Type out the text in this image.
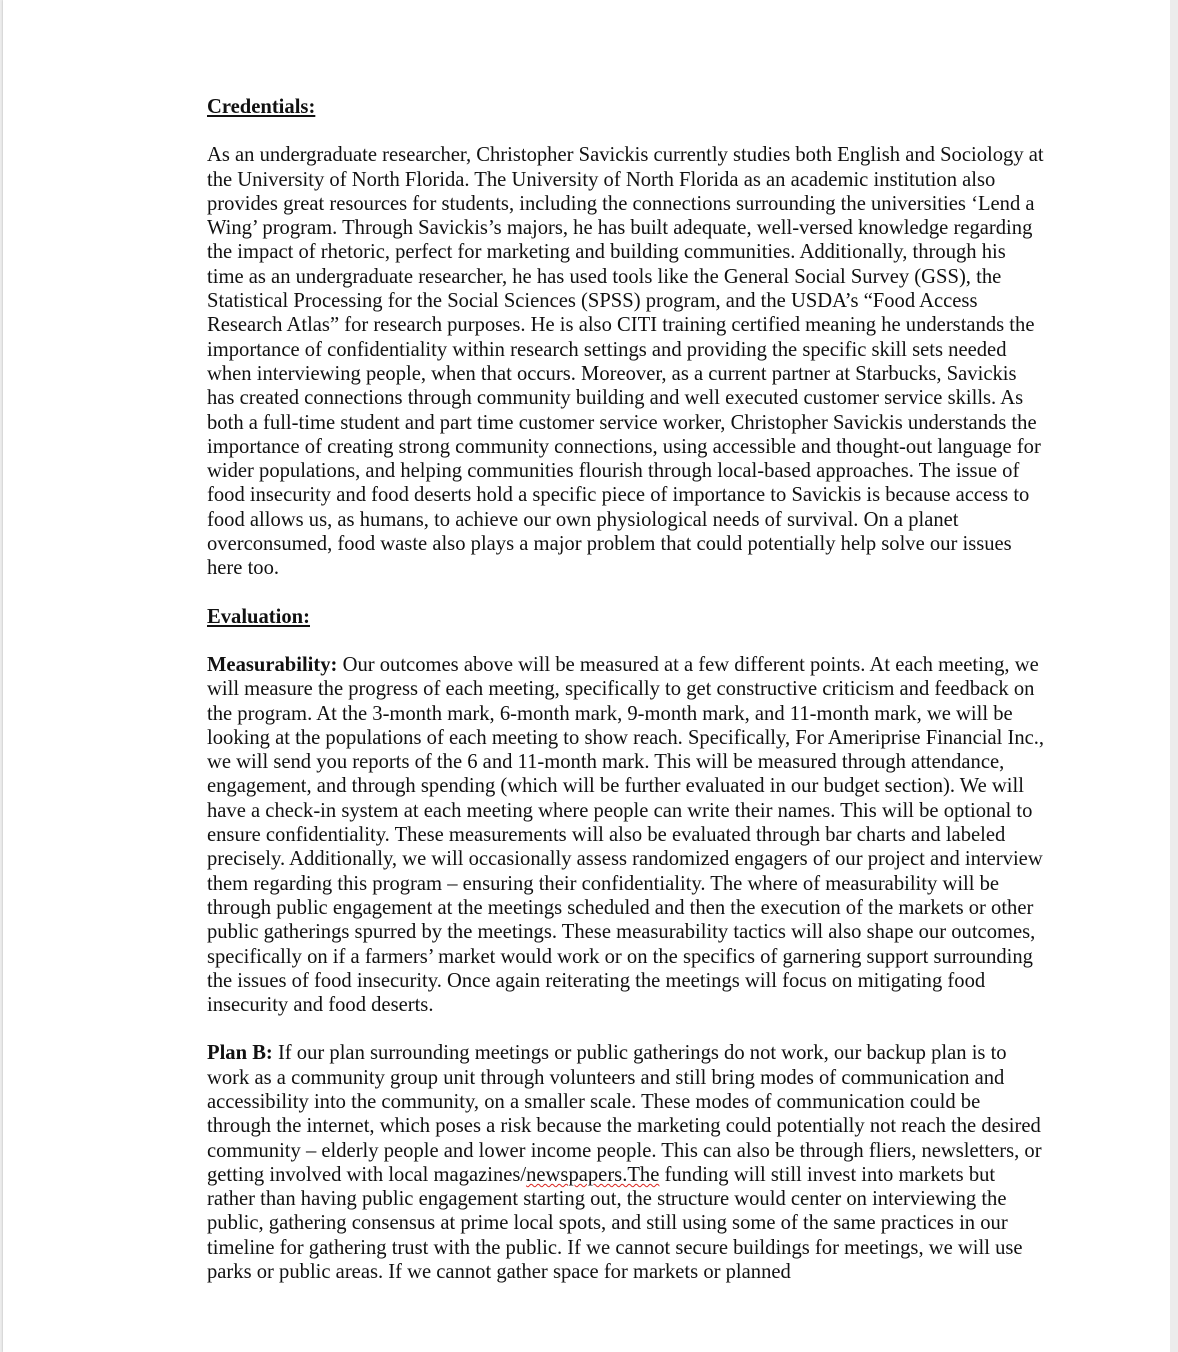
Credentials:

As an undergraduate researcher, Christopher Savickis currently studies both English and Sociology at the University of North Florida. The University of North Florida as an academic institution also provides great resources for students, including the connections surrounding the universities ‘Lend a Wing’ program. Through Savickis’s majors, he has built adequate, well-versed knowledge regarding the impact of rhetoric, perfect for marketing and building communities. Additionally, through his time as an undergraduate researcher, he has used tools like the General Social Survey (GSS), the Statistical Processing for the Social Sciences (SPSS) program, and the USDA’s “Food Access Research Atlas” for research purposes. He is also CITI training certified meaning he understands the importance of confidentiality within research settings and providing the specific skill sets needed when interviewing people, when that occurs. Moreover, as a current partner at Starbucks, Savickis has created connections through community building and well executed customer service skills. As both a full-time student and part time customer service worker, Christopher Savickis understands the importance of creating strong community connections, using accessible and thought-out language for wider populations, and helping communities flourish through local-based approaches. The issue of food insecurity and food deserts hold a specific piece of importance to Savickis is because access to food allows us, as humans, to achieve our own physiological needs of survival. On a planet overconsumed, food waste also plays a major problem that could potentially help solve our issues here too.

Evaluation:

Measurability: Our outcomes above will be measured at a few different points. At each meeting, we will measure the progress of each meeting, specifically to get constructive criticism and feedback on the program. At the 3-month mark, 6-month mark, 9-month mark, and 11-month mark, we will be looking at the populations of each meeting to show reach. Specifically, For Ameriprise Financial Inc., we will send you reports of the 6 and 11-month mark. This will be measured through attendance, engagement, and through spending (which will be further evaluated in our budget section). We will have a check-in system at each meeting where people can write their names. This will be optional to ensure confidentiality. These measurements will also be evaluated through bar charts and labeled precisely. Additionally, we will occasionally assess randomized engagers of our project and interview them regarding this program – ensuring their confidentiality. The where of measurability will be through public engagement at the meetings scheduled and then the execution of the markets or other public gatherings spurred by the meetings. These measurability tactics will also shape our outcomes, specifically on if a farmers’ market would work or on the specifics of garnering support surrounding the issues of food insecurity. Once again reiterating the meetings will focus on mitigating food insecurity and food deserts.

Plan B: If our plan surrounding meetings or public gatherings do not work, our backup plan is to work as a community group unit through volunteers and still bring modes of communication and accessibility into the community, on a smaller scale. These modes of communication could be through the internet, which poses a risk because the marketing could potentially not reach the desired community – elderly people and lower income people. This can also be through fliers, newsletters, or getting involved with local magazines/newspapers.The funding will still invest into markets but rather than having public engagement starting out, the structure would center on interviewing the public, gathering consensus at prime local spots, and still using some of the same practices in our timeline for gathering trust with the public. If we cannot secure buildings for meetings, we will use parks or public areas. If we cannot gather space for markets or planned
